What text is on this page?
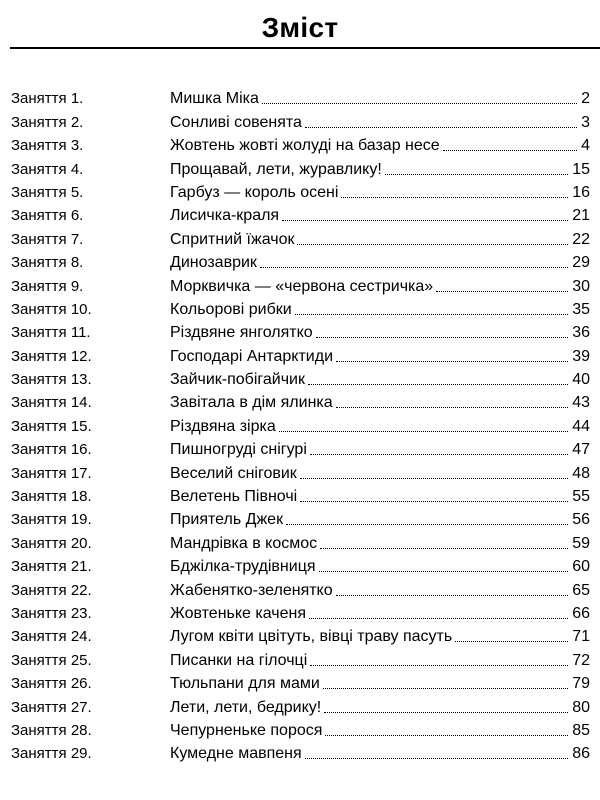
Зміст
Заняття 1.	Мишка Міка	2
Заняття 2.	Сонливі совенята	3
Заняття 3.	Жовтень жовті жолуді на базар несе	4
Заняття 4.	Прощавай, лети, журавлику!	15
Заняття 5.	Гарбуз — король осені	16
Заняття 6.	Лисичка-краля	21
Заняття 7.	Спритний їжачок	22
Заняття 8.	Динозаврик	29
Заняття 9.	Морквичка — «червона сестричка»	30
Заняття 10.	Кольорові рибки	35
Заняття 11.	Різдвяне янголятко	36
Заняття 12.	Господарі Антарктиди	39
Заняття 13.	Зайчик-побігайчик	40
Заняття 14.	Завітала в дім ялинка	43
Заняття 15.	Різдвяна зірка	44
Заняття 16.	Пишногруді снігурі	47
Заняття 17.	Веселий сніговик	48
Заняття 18.	Велетень Півночі	55
Заняття 19.	Приятель Джек	56
Заняття 20.	Мандрівка в космос	59
Заняття 21.	Бджілка-трудівниця	60
Заняття 22.	Жабенятко-зеленятко	65
Заняття 23.	Жовтеньке каченя	66
Заняття 24.	Лугом квіти цвітуть, вівці траву пасуть	71
Заняття 25.	Писанки на гілочці	72
Заняття 26.	Тюльпани для мами	79
Заняття 27.	Лети, лети, бедрику!	80
Заняття 28.	Чепурненьке порося	85
Заняття 29.	Кумедне мавпеня	86
